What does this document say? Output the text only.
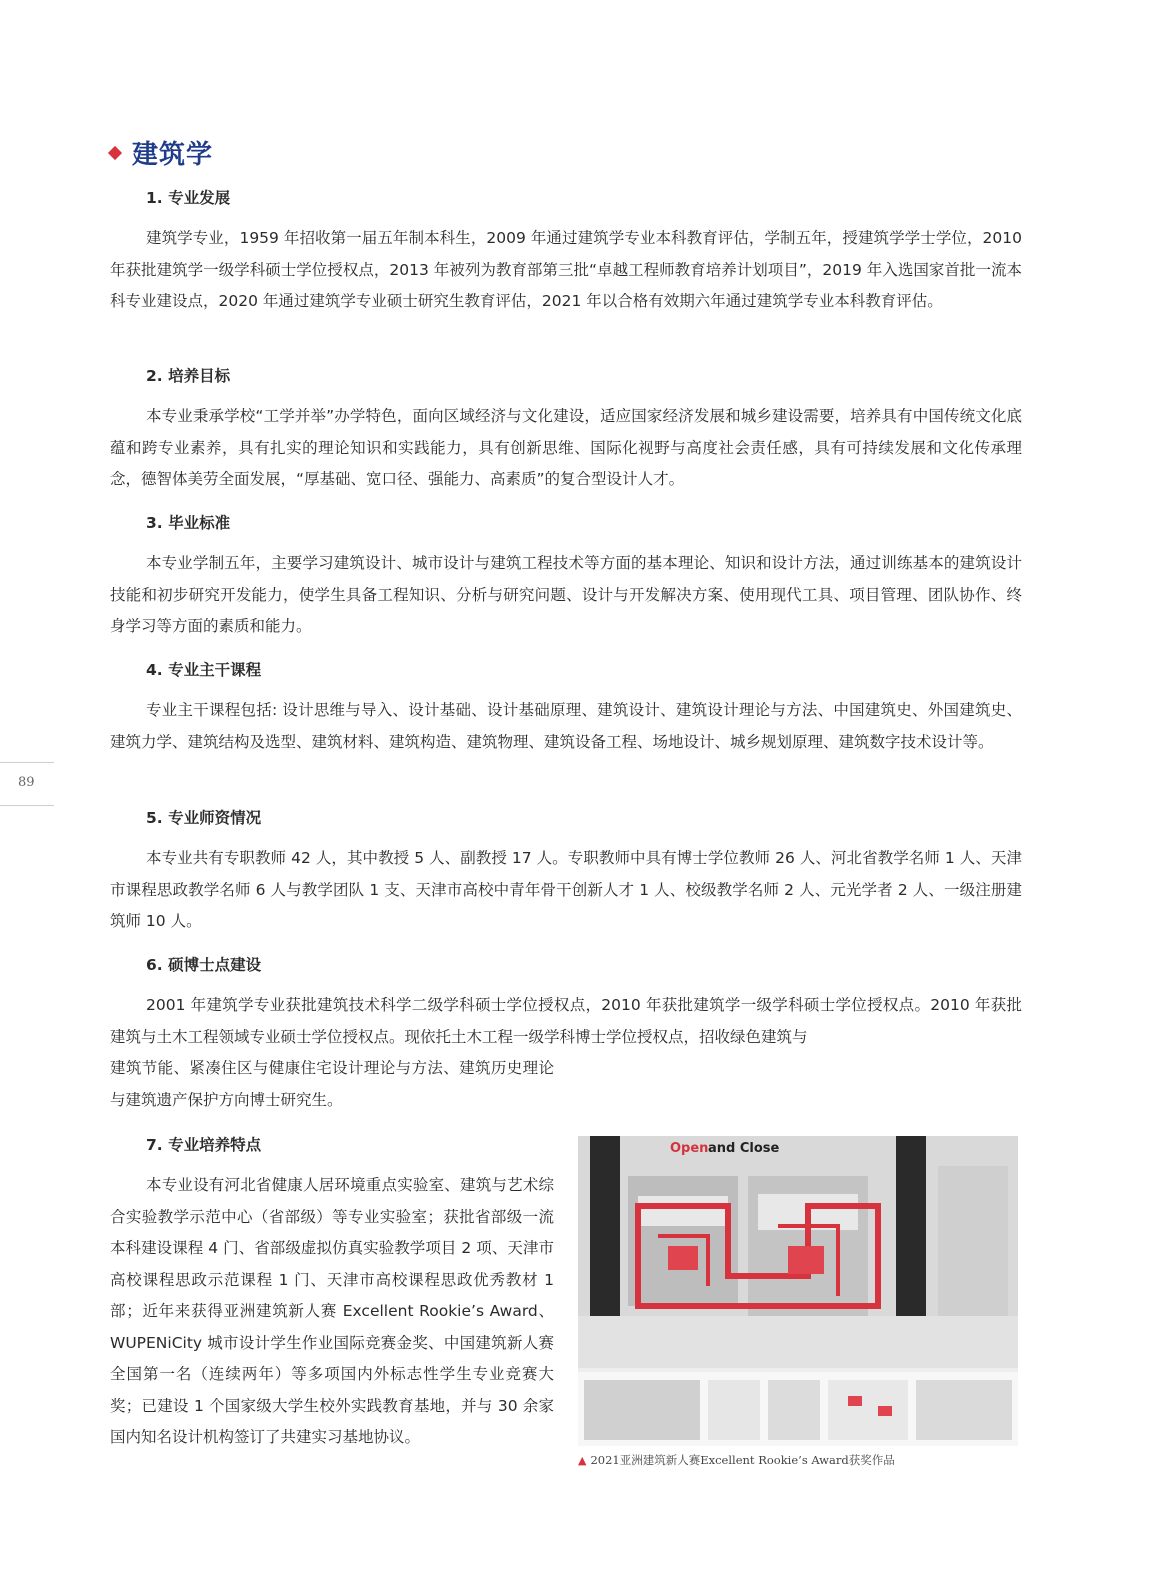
建筑学
1. 专业发展

建筑学专业，1959 年招收第一届五年制本科生，2009 年通过建筑学专业本科教育评估，学制五年，授建筑学学士学位，2010 年获批建筑学一级学科硕士学位授权点，2013 年被列为教育部第三批“卓越工程师教育培养计划项目”，2019 年入选国家首批一流本科专业建设点，2020 年通过建筑学专业硕士研究生教育评估，2021 年以合格有效期六年通过建筑学专业本科教育评估。

2. 培养目标

本专业秉承学校“工学并举”办学特色，面向区域经济与文化建设，适应国家经济发展和城乡建设需要，培养具有中国传统文化底蕴和跨专业素养，具有扎实的理论知识和实践能力，具有创新思维、国际化视野与高度社会责任感，具有可持续发展和文化传承理念，德智体美劳全面发展，“厚基础、宽口径、强能力、高素质”的复合型设计人才。

3. 毕业标准

本专业学制五年，主要学习建筑设计、城市设计与建筑工程技术等方面的基本理论、知识和设计方法，通过训练基本的建筑设计技能和初步研究开发能力，使学生具备工程知识、分析与研究问题、设计与开发解决方案、使用现代工具、项目管理、团队协作、终身学习等方面的素质和能力。

4. 专业主干课程

专业主干课程包括: 设计思维与导入、设计基础、设计基础原理、建筑设计、建筑设计理论与方法、中国建筑史、外国建筑史、建筑力学、建筑结构及选型、建筑材料、建筑构造、建筑物理、建筑设备工程、场地设计、城乡规划原理、建筑数字技术设计等。

5. 专业师资情况

本专业共有专职教师 42 人，其中教授 5 人、副教授 17 人。专职教师中具有博士学位教师 26 人、河北省教学名师 1 人、天津市课程思政教学名师 6 人与教学团队 1 支、天津市高校中青年骨干创新人才 1 人、校级教学名师 2 人、元光学者 2 人、一级注册建筑师 10 人。

6. 硕博士点建设

2001 年建筑学专业获批建筑技术科学二级学科硕士学位授权点，2010 年获批建筑学一级学科硕士学位授权点。2010 年获批建筑与土木工程领域专业硕士学位授权点。现依托土木工程一级学科博士学位授权点，招收绿色建筑与

建筑节能、紧凑住区与健康住宅设计理论与方法、建筑历史理论与建筑遗产保护方向博士研究生。

7. 专业培养特点

本专业设有河北省健康人居环境重点实验室、建筑与艺术综合实验教学示范中心（省部级）等专业实验室；获批省部级一流本科建设课程 4 门、省部级虚拟仿真实验教学项目 2 项、天津市高校课程思政示范课程 1 门、天津市高校课程思政优秀教材 1 部；近年来获得亚洲建筑新人赛 Excellent Rookie’s Award、WUPENiCity 城市设计学生作业国际竞赛金奖、中国建筑新人赛全国第一名（连续两年）等多项国内外标志性学生专业竞赛大奖；已建设 1 个国家级大学生校外实践教育基地，并与 30 余家国内知名设计机构签订了共建实习基地协议。

89
Open and Close
▲ 2021亚洲建筑新人赛Excellent Rookie’s Award获奖作品
